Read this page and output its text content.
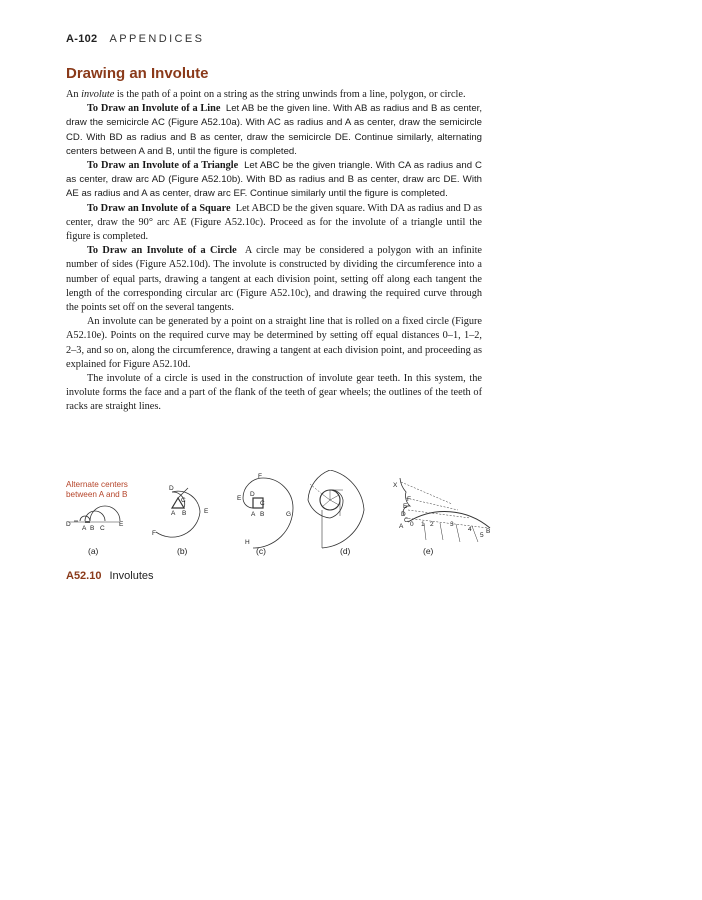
A-102 APPENDICES
Drawing an Involute

An involute is the path of a point on a string as the string unwinds from a line, polygon, or circle.

To Draw an Involute of a Line Let AB be the given line. With AB as radius and B as center, draw the semicircle AC (Figure A52.10a). With AC as radius and A as center, draw the semicircle CD. With BD as radius and B as center, draw the semicircle DE. Continue similarly, alternating centers between A and B, until the figure is completed.

To Draw an Involute of a Triangle Let ABC be the given triangle. With CA as radius and C as center, draw arc AD (Figure A52.10b). With BD as radius and B as center, draw arc DE. With AE as radius and A as center, draw arc EF. Continue similarly until the figure is completed.

To Draw an Involute of a Square Let ABCD be the given square. With DA as radius and D as center, draw the 90° arc AE (Figure A52.10c). Proceed as for the involute of a triangle until the figure is completed.

To Draw an Involute of a Circle A circle may be considered a polygon with an infinite number of sides (Figure A52.10d). The involute is constructed by dividing the circumference into a number of equal parts, drawing a tangent at each division point, setting off along each tangent the length of the corresponding circular arc (Figure A52.10c), and drawing the required curve through the points set off on the several tangents.

An involute can be generated by a point on a straight line that is rolled on a fixed circle (Figure A52.10e). Points on the required curve may be determined by setting off equal distances 0–1, 1–2, 2–3, and so on, along the circumference, drawing a tangent at each division point, and proceeding as explained for Figure A52.10d.

The involute of a circle is used in the construction of involute gear teeth. In this system, the involute forms the face and a part of the flank of the teeth of gear wheels; the outlines of the teeth of racks are straight lines.

Alternate centers
between A and B
D
A B C
E
(a)
D
C
A B	E
F
(b)
F
D
E
C
A B	G
H
(c)	(d)
X
F
E
D
C
A 0 1 2	3
4
5
B
(e)
A52.10 Involutes
